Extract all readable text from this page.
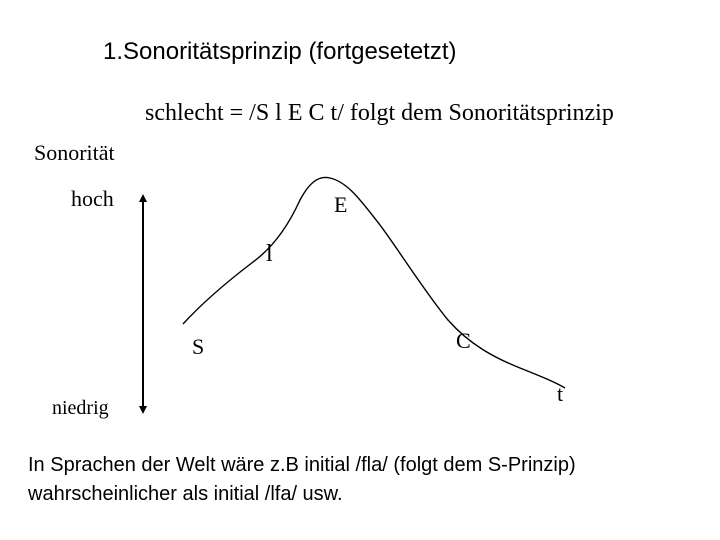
1.Sonoritätsprinzip (fortgesetetzt)
schlecht = /S l E C t/ folgt dem Sonoritätsprinzip
Sonorität
hoch
niedrig
S
l
E
C
t
In Sprachen der Welt wäre z.B initial /fla/ (folgt dem S-Prinzip) wahrscheinlicher als initial /lfa/ usw.
